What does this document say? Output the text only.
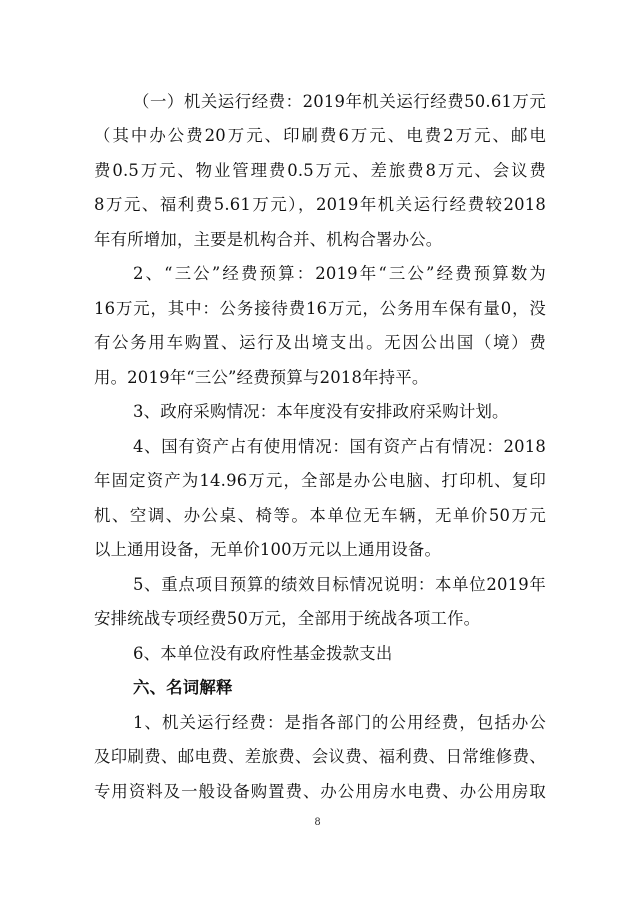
（一）机关运行经费：2019年机关运行经费50.61万元
（其中办公费20万元、印刷费6万元、电费2万元、邮电
费0.5万元、物业管理费0.5万元、差旅费8万元、会议费
8万元、福利费5.61万元），2019年机关运行经费较2018
年有所增加，主要是机构合并、机构合署办公。
2、“三公”经费预算：2019年“三公”经费预算数为
16万元，其中：公务接待费16万元，公务用车保有量0，没
有公务用车购置、运行及出境支出。无因公出国（境）费
用。2019年“三公”经费预算与2018年持平。
3、政府采购情况：本年度没有安排政府采购计划。
4、国有资产占有使用情况：国有资产占有情况：2018
年固定资产为14.96万元，全部是办公电脑、打印机、复印
机、空调、办公桌、椅等。本单位无车辆，无单价50万元
以上通用设备，无单价100万元以上通用设备。
5、重点项目预算的绩效目标情况说明：本单位2019年
安排统战专项经费50万元，全部用于统战各项工作。
6、本单位没有政府性基金拨款支出
六、名词解释
1、机关运行经费：是指各部门的公用经费，包括办公
及印刷费、邮电费、差旅费、会议费、福利费、日常维修费、
专用资料及一般设备购置费、办公用房水电费、办公用房取
8
